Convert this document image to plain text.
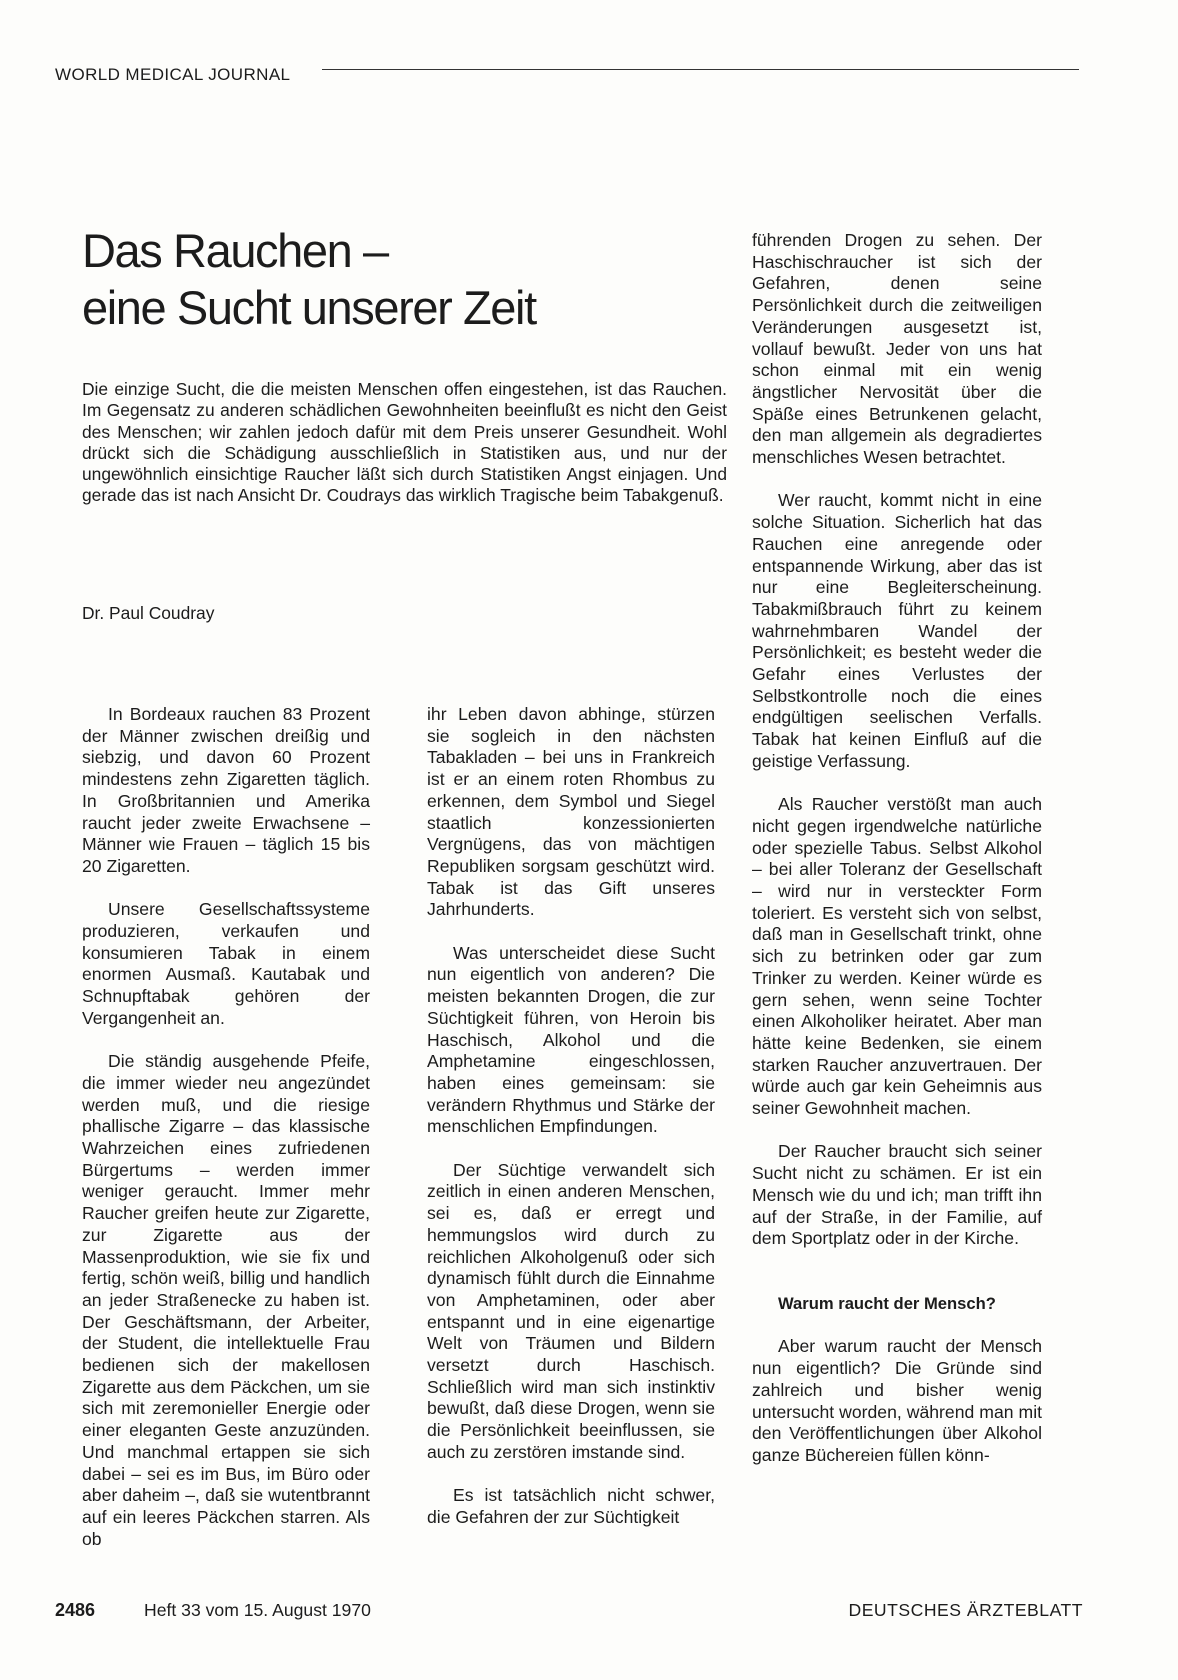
WORLD MEDICAL JOURNAL
Das Rauchen –
eine Sucht unserer Zeit
Die einzige Sucht, die die meisten Menschen offen eingestehen, ist das Rauchen. Im Gegensatz zu anderen schädlichen Gewohnheiten beeinflußt es nicht den Geist des Menschen; wir zahlen jedoch dafür mit dem Preis unserer Gesundheit. Wohl drückt sich die Schädigung ausschließlich in Statistiken aus, und nur der ungewöhnlich einsichtige Raucher läßt sich durch Statistiken Angst einjagen. Und gerade das ist nach Ansicht Dr. Coudrays das wirklich Tragische beim Tabakgenuß.
Dr. Paul Coudray

In Bordeaux rauchen 83 Prozent der Männer zwischen dreißig und siebzig, und davon 60 Prozent mindestens zehn Zigaretten täglich. In Großbritannien und Amerika raucht jeder zweite Erwachsene – Männer wie Frauen – täglich 15 bis 20 Zigaretten.

Unsere Gesellschaftssysteme produzieren, verkaufen und konsumieren Tabak in einem enormen Ausmaß. Kautabak und Schnupftabak gehören der Vergangenheit an.

Die ständig ausgehende Pfeife, die immer wieder neu angezündet werden muß, und die riesige phallische Zigarre – das klassische Wahrzeichen eines zufriedenen Bürgertums – werden immer weniger geraucht. Immer mehr Raucher greifen heute zur Zigarette, zur Zigarette aus der Massenproduktion, wie sie fix und fertig, schön weiß, billig und handlich an jeder Straßenecke zu haben ist. Der Geschäftsmann, der Arbeiter, der Student, die intellektuelle Frau bedienen sich der makellosen Zigarette aus dem Päckchen, um sie sich mit zeremonieller Energie oder einer eleganten Geste anzuzünden. Und manchmal ertappen sie sich dabei – sei es im Bus, im Büro oder aber daheim –, daß sie wutentbrannt auf ein leeres Päckchen starren. Als ob

ihr Leben davon abhinge, stürzen sie sogleich in den nächsten Tabakladen – bei uns in Frankreich ist er an einem roten Rhombus zu erkennen, dem Symbol und Siegel staatlich konzessionierten Vergnügens, das von mächtigen Republiken sorgsam geschützt wird. Tabak ist das Gift unseres Jahrhunderts.

Was unterscheidet diese Sucht nun eigentlich von anderen? Die meisten bekannten Drogen, die zur Süchtigkeit führen, von Heroin bis Haschisch, Alkohol und die Amphetamine eingeschlossen, haben eines gemeinsam: sie verändern Rhythmus und Stärke der menschlichen Empfindungen.

Der Süchtige verwandelt sich zeitlich in einen anderen Menschen, sei es, daß er erregt und hemmungslos wird durch zu reichlichen Alkoholgenuß oder sich dynamisch fühlt durch die Einnahme von Amphetaminen, oder aber entspannt und in eine eigenartige Welt von Träumen und Bildern versetzt durch Haschisch. Schließlich wird man sich instinktiv bewußt, daß diese Drogen, wenn sie die Persönlichkeit beeinflussen, sie auch zu zerstören imstande sind.

Es ist tatsächlich nicht schwer, die Gefahren der zur Süchtigkeit

führenden Drogen zu sehen. Der Haschischraucher ist sich der Gefahren, denen seine Persönlichkeit durch die zeitweiligen Veränderungen ausgesetzt ist, vollauf bewußt. Jeder von uns hat schon einmal mit ein wenig ängstlicher Nervosität über die Späße eines Betrunkenen gelacht, den man allgemein als degradiertes menschliches Wesen betrachtet.

Wer raucht, kommt nicht in eine solche Situation. Sicherlich hat das Rauchen eine anregende oder entspannende Wirkung, aber das ist nur eine Begleiterscheinung. Tabakmißbrauch führt zu keinem wahrnehmbaren Wandel der Persönlichkeit; es besteht weder die Gefahr eines Verlustes der Selbstkontrolle noch die eines endgültigen seelischen Verfalls. Tabak hat keinen Einfluß auf die geistige Verfassung.

Als Raucher verstößt man auch nicht gegen irgendwelche natürliche oder spezielle Tabus. Selbst Alkohol – bei aller Toleranz der Gesellschaft – wird nur in versteckter Form toleriert. Es versteht sich von selbst, daß man in Gesellschaft trinkt, ohne sich zu betrinken oder gar zum Trinker zu werden. Keiner würde es gern sehen, wenn seine Tochter einen Alkoholiker heiratet. Aber man hätte keine Bedenken, sie einem starken Raucher anzuvertrauen. Der würde auch gar kein Geheimnis aus seiner Gewohnheit machen.

Der Raucher braucht sich seiner Sucht nicht zu schämen. Er ist ein Mensch wie du und ich; man trifft ihn auf der Straße, in der Familie, auf dem Sportplatz oder in der Kirche.

Warum raucht der Mensch?

Aber warum raucht der Mensch nun eigentlich? Die Gründe sind zahlreich und bisher wenig untersucht worden, während man mit den Veröffentlichungen über Alkohol ganze Büchereien füllen könn-

2486	Heft 33 vom 15. August 1970	DEUTSCHES ÄRZTEBLATT
